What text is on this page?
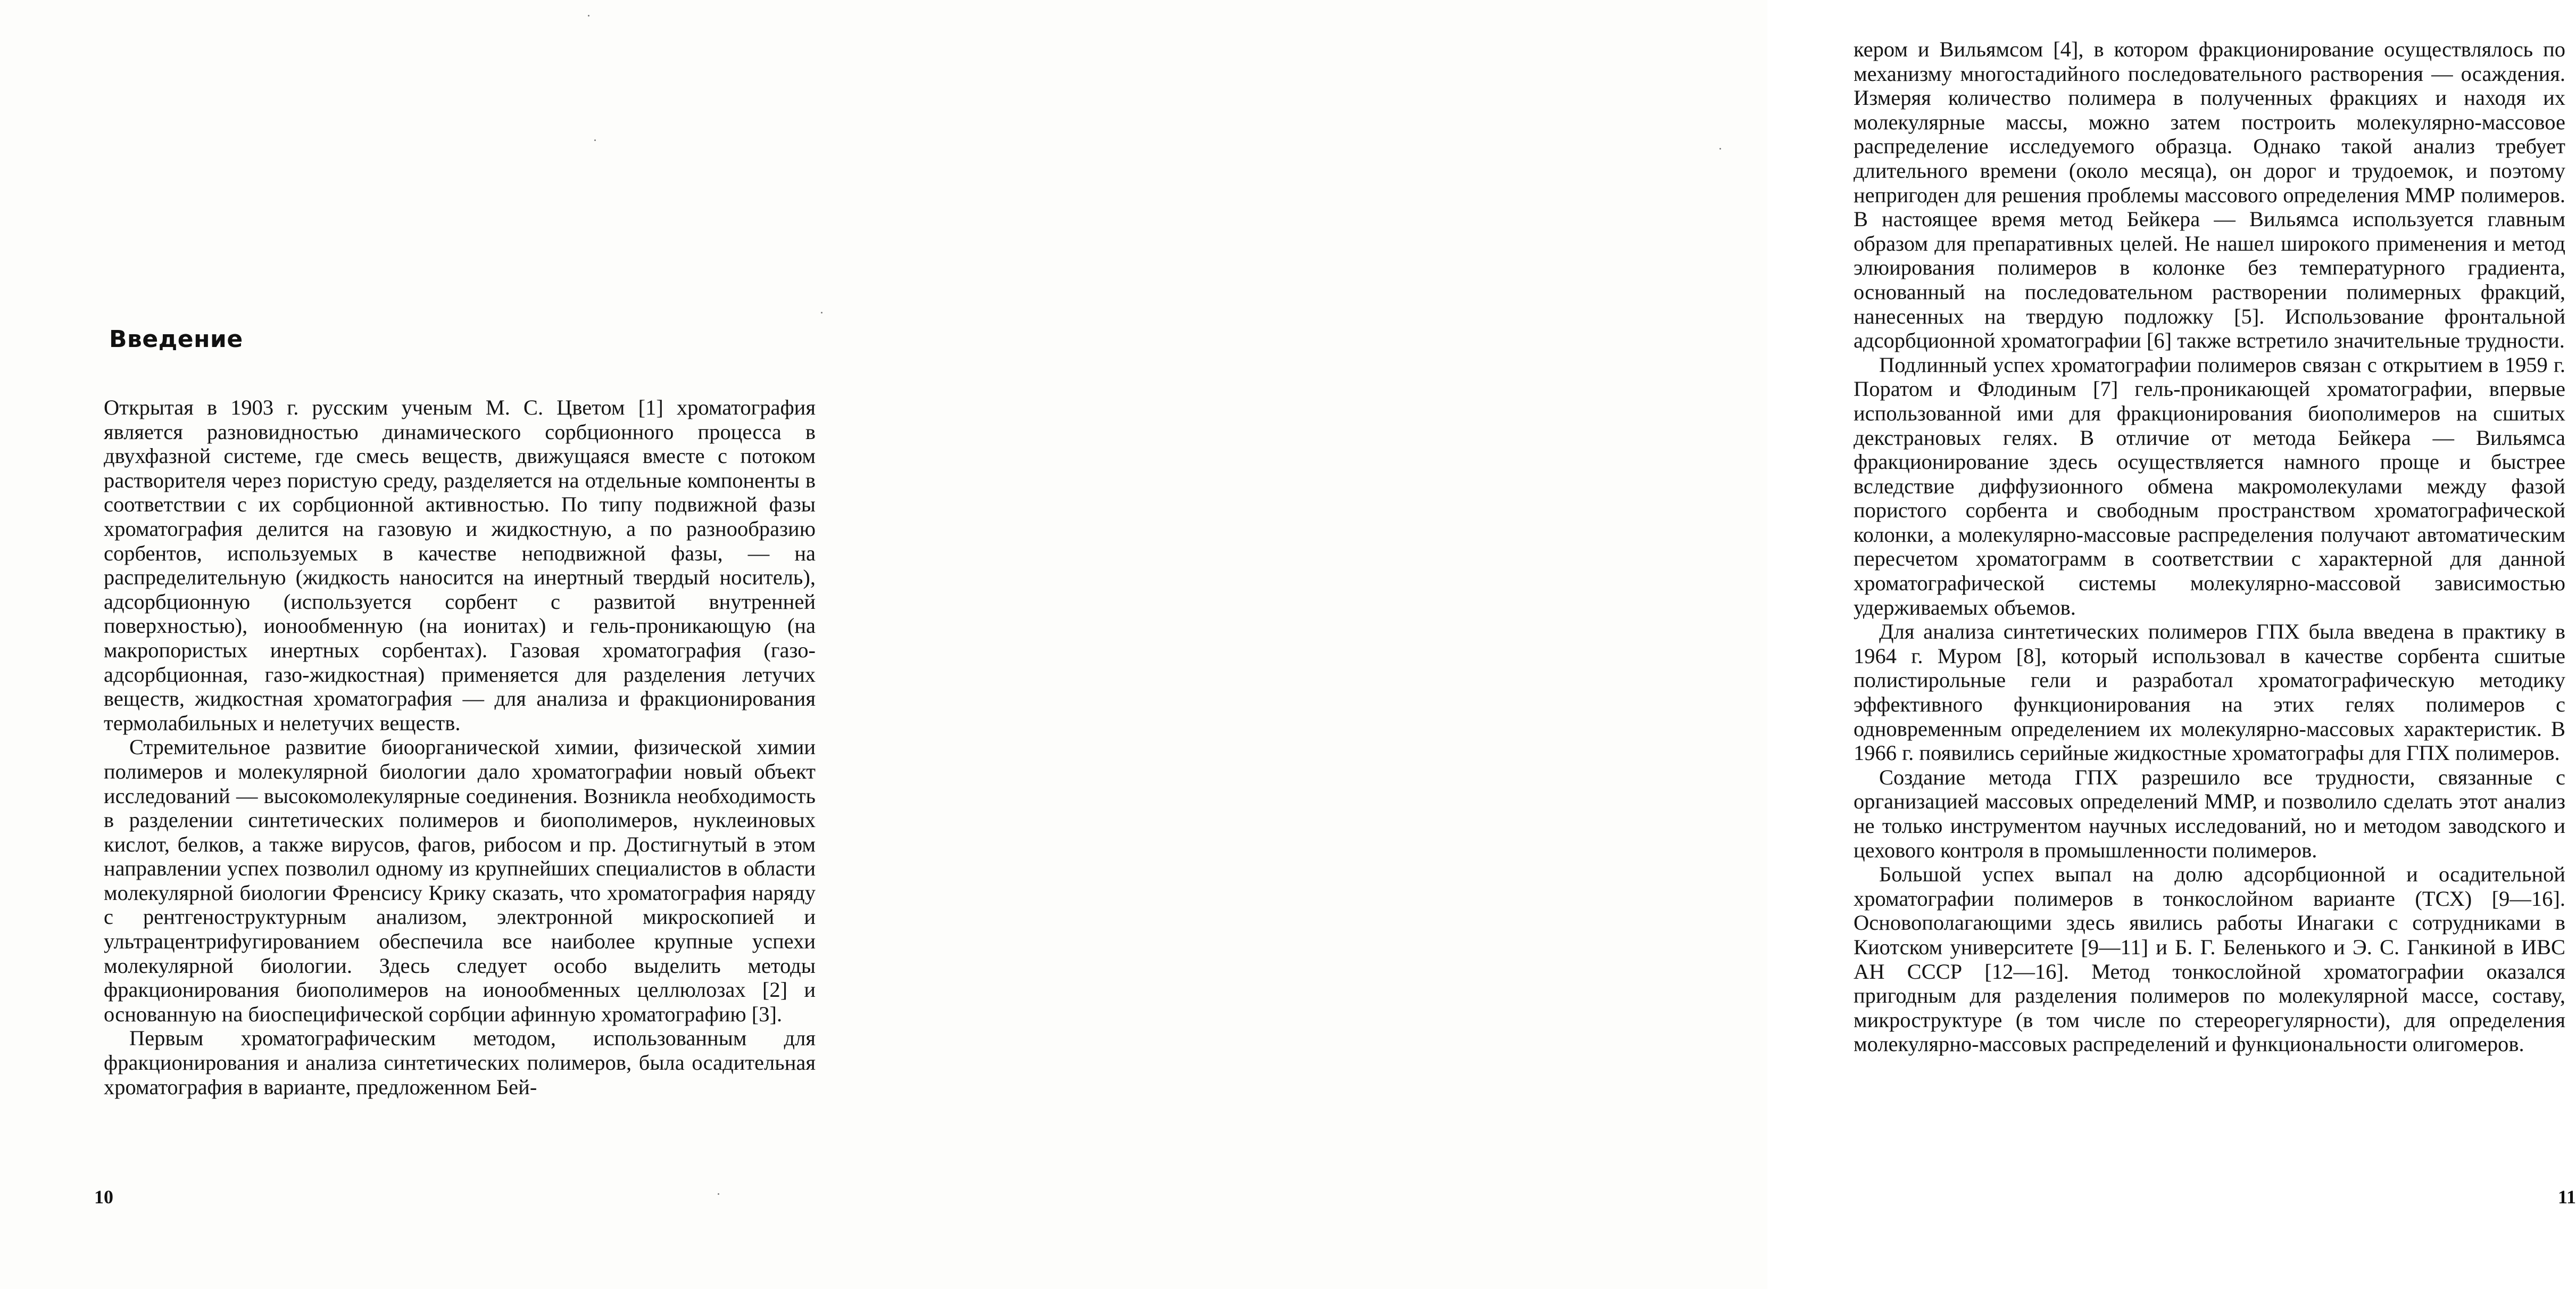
Введение

Открытая в 1903 г. русским ученым М. С. Цветом [1] хроматография является разновидностью динамического сорбционного процесса в двухфазной системе, где смесь веществ, движущаяся вместе с потоком растворителя через пористую среду, разделяется на отдельные компоненты в соответствии с их сорбционной активностью. По типу подвижной фазы хроматография делится на газовую и жидкостную, а по разнообразию сорбентов, используемых в качестве неподвижной фазы, — на распределительную (жидкость наносится на инертный твердый носитель), адсорбционную (используется сорбент с развитой внутренней поверхностью), ионообменную (на ионитах) и гель-проникающую (на макропористых инертных сорбентах). Газовая хроматография (газо-адсорбционная, газо-жидкостная) применяется для разделения летучих веществ, жидкостная хроматография — для анализа и фракционирования термолабильных и нелетучих веществ.

Стремительное развитие биоорганической химии, физической химии полимеров и молекулярной биологии дало хроматографии новый объект исследований — высокомолекулярные соединения. Возникла необходимость в разделении синтетических полимеров и биополимеров, нуклеиновых кислот, белков, а также вирусов, фагов, рибосом и пр. Достигнутый в этом направлении успех позволил одному из крупнейших специалистов в области молекулярной биологии Френсису Крику сказать, что хроматография наряду с рентгеноструктурным анализом, электронной микроскопией и ультрацентрифугированием обеспечила все наиболее крупные успехи молекулярной биологии. Здесь следует особо выделить методы фракционирования биополимеров на ионообменных целлюлозах [2] и основанную на биоспецифической сорбции афинную хроматографию [3].

Первым хроматографическим методом, использованным для фракционирования и анализа синтетических полимеров, была осадительная хроматография в варианте, предложенном Бей-

10

кером и Вильямсом [4], в котором фракционирование осуществлялось по механизму многостадийного последовательного растворения — осаждения. Измеряя количество полимера в полученных фракциях и находя их молекулярные массы, можно затем построить молекулярно-массовое распределение исследуемого образца. Однако такой анализ требует длительного времени (около месяца), он дорог и трудоемок, и поэтому непригоден для решения проблемы массового определения ММР полимеров. В настоящее время метод Бейкера — Вильямса используется главным образом для препаративных целей. Не нашел широкого применения и метод элюирования полимеров в колонке без температурного градиента, основанный на последовательном растворении полимерных фракций, нанесенных на твердую подложку [5]. Использование фронтальной адсорбционной хроматографии [6] также встретило значительные трудности.

Подлинный успех хроматографии полимеров связан с открытием в 1959 г. Поратом и Флодиным [7] гель-проникающей хроматографии, впервые использованной ими для фракционирования биополимеров на сшитых декстрановых гелях. В отличие от метода Бейкера — Вильямса фракционирование здесь осуществляется намного проще и быстрее вследствие диффузионного обмена макромолекулами между фазой пористого сорбента и свободным пространством хроматографической колонки, а молекулярно-массовые распределения получают автоматическим пересчетом хроматограмм в соответствии с характерной для данной хроматографической системы молекулярно-массовой зависимостью удерживаемых объемов.

Для анализа синтетических полимеров ГПХ была введена в практику в 1964 г. Муром [8], который использовал в качестве сорбента сшитые полистирольные гели и разработал хроматографическую методику эффективного функционирования на этих гелях полимеров с одновременным определением их молекулярно-массовых характеристик. В 1966 г. появились серийные жидкостные хроматографы для ГПХ полимеров.

Создание метода ГПХ разрешило все трудности, связанные с организацией массовых определений ММР, и позволило сделать этот анализ не только инструментом научных исследований, но и методом заводского и цехового контроля в промышленности полимеров.

Большой успех выпал на долю адсорбционной и осадительной хроматографии полимеров в тонкослойном варианте (ТСХ) [9—16]. Основополагающими здесь явились работы Инагаки с сотрудниками в Киотском университете [9—11] и Б. Г. Беленького и Э. С. Ганкиной в ИВС АН СССР [12—16]. Метод тонкослойной хроматографии оказался пригодным для разделения полимеров по молекулярной массе, составу, микроструктуре (в том числе по стереорегулярности), для определения молекулярно-массовых распределений и функциональности олигомеров.

11
